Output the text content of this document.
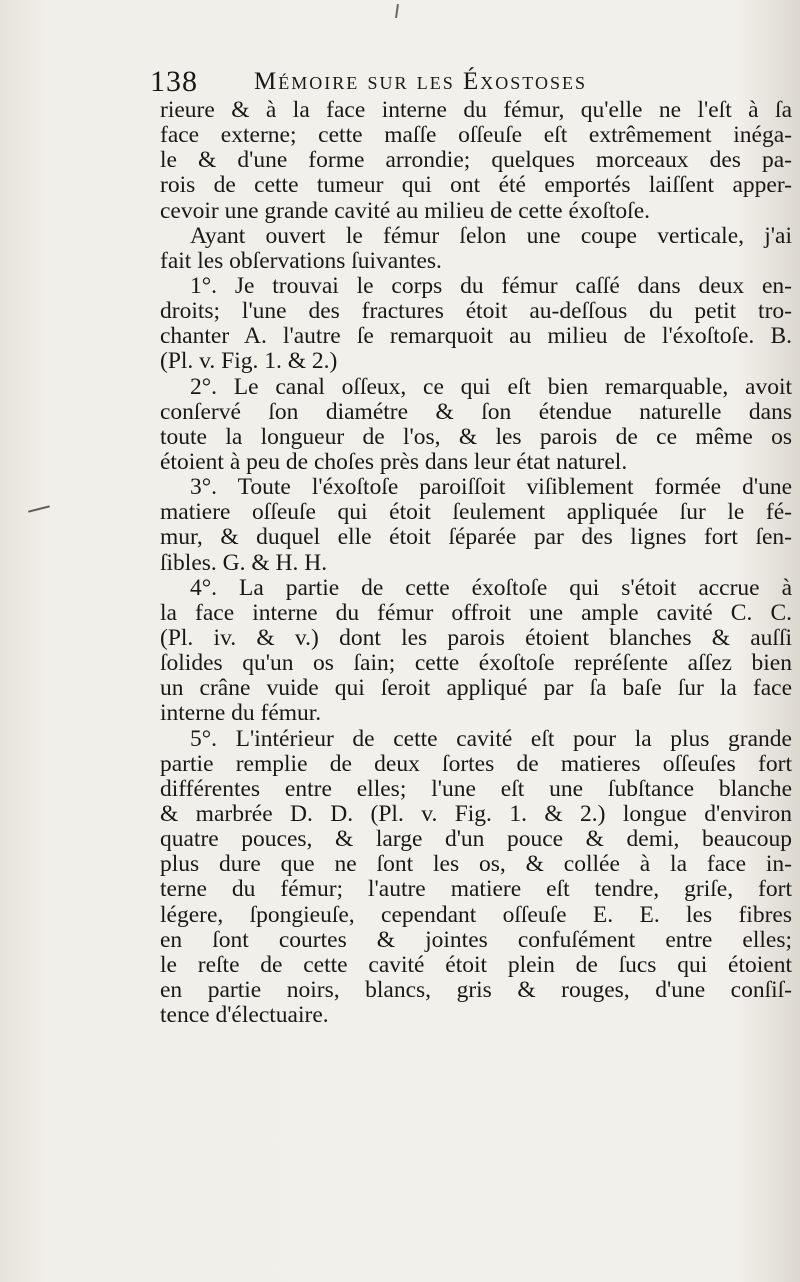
138 Mémoire sur les Éxostoses
rieure & à la face interne du fémur, qu'elle ne l'eſt à ſa
face externe; cette maſſe oſſeuſe eſt extrêmement inéga-
le & d'une forme arrondie; quelques morceaux des pa-
rois de cette tumeur qui ont été emportés laiſſent apper-
cevoir une grande cavité au milieu de cette éxoſtoſe.
Ayant ouvert le fémur ſelon une coupe verticale, j'ai
fait les obſervations ſuivantes.
1°. Je trouvai le corps du fémur caſſé dans deux en-
droits; l'une des fractures étoit au-deſſous du petit tro-
chanter A. l'autre ſe remarquoit au milieu de l'éxoſtoſe. B.
(Pl. v. Fig. 1. & 2.)
2°. Le canal oſſeux, ce qui eſt bien remarquable, avoit
conſervé ſon diamétre & ſon étendue naturelle dans
toute la longueur de l'os, & les parois de ce même os
étoient à peu de choſes près dans leur état naturel.
3°. Toute l'éxoſtoſe paroiſſoit viſiblement formée d'une
matiere oſſeuſe qui étoit ſeulement appliquée ſur le fé-
mur, & duquel elle étoit ſéparée par des lignes fort ſen-
ſibles. G. & H. H.
4°. La partie de cette éxoſtoſe qui s'étoit accrue à
la face interne du fémur offroit une ample cavité C. C.
(Pl. iv. & v.) dont les parois étoient blanches & auſſi
ſolides qu'un os ſain; cette éxoſtoſe repréſente aſſez bien
un crâne vuide qui ſeroit appliqué par ſa baſe ſur la face
interne du fémur.
5°. L'intérieur de cette cavité eſt pour la plus grande
partie remplie de deux ſortes de matieres oſſeuſes fort
différentes entre elles; l'une eſt une ſubſtance blanche
& marbrée D. D. (Pl. v. Fig. 1. & 2.) longue d'environ
quatre pouces, & large d'un pouce & demi, beaucoup
plus dure que ne ſont les os, & collée à la face in-
terne du fémur; l'autre matiere eſt tendre, griſe, fort
légere, ſpongieuſe, cependant oſſeuſe E. E. les fibres
en ſont courtes & jointes confuſément entre elles;
le reſte de cette cavité étoit plein de ſucs qui étoient
en partie noirs, blancs, gris & rouges, d'une conſiſ-
tence d'électuaire.
